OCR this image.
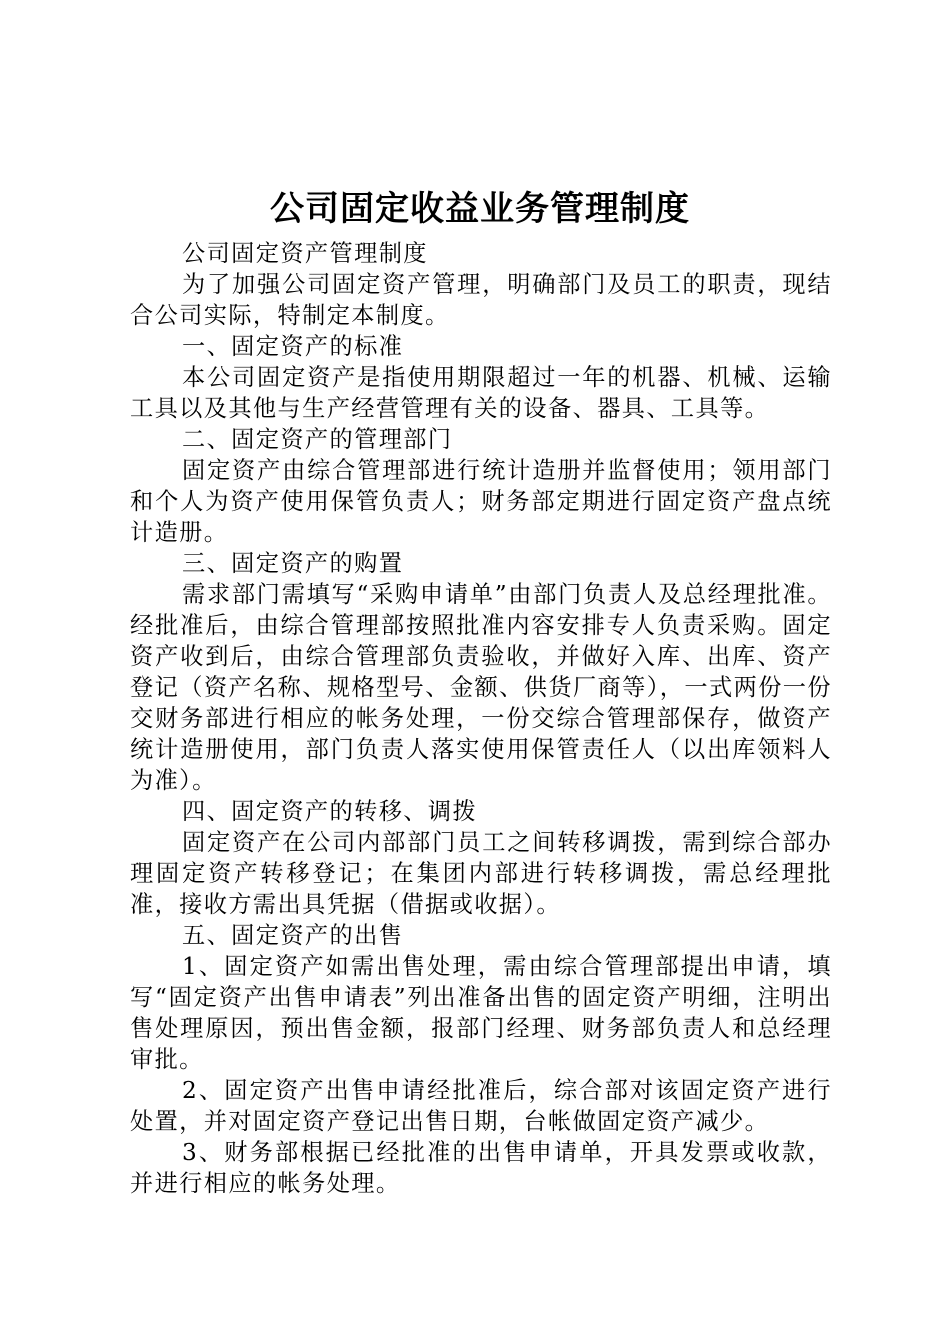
公司固定收益业务管理制度

公司固定资产管理制度

为了加强公司固定资产管理，明确部门及员工的职责，现结合公司实际，特制定本制度。

一、固定资产的标准

本公司固定资产是指使用期限超过一年的机器、机械、运输工具以及其他与生产经营管理有关的设备、器具、工具等。

二、固定资产的管理部门

固定资产由综合管理部进行统计造册并监督使用；领用部门和个人为资产使用保管负责人；财务部定期进行固定资产盘点统计造册。

三、固定资产的购置

需求部门需填写“采购申请单”由部门负责人及总经理批准。经批准后，由综合管理部按照批准内容安排专人负责采购。固定资产收到后，由综合管理部负责验收，并做好入库、出库、资产登记（资产名称、规格型号、金额、供货厂商等），一式两份一份交财务部进行相应的帐务处理，一份交综合管理部保存，做资产统计造册使用，部门负责人落实使用保管责任人（以出库领料人为准）。

四、固定资产的转移、调拨

固定资产在公司内部部门员工之间转移调拨，需到综合部办理固定资产转移登记；在集团内部进行转移调拨，需总经理批准，接收方需出具凭据（借据或收据）。

五、固定资产的出售

1、固定资产如需出售处理，需由综合管理部提出申请，填写“固定资产出售申请表”列出准备出售的固定资产明细，注明出售处理原因，预出售金额，报部门经理、财务部负责人和总经理审批。

2、固定资产出售申请经批准后，综合部对该固定资产进行处置，并对固定资产登记出售日期，台帐做固定资产减少。

3、财务部根据已经批准的出售申请单，开具发票或收款，并进行相应的帐务处理。
